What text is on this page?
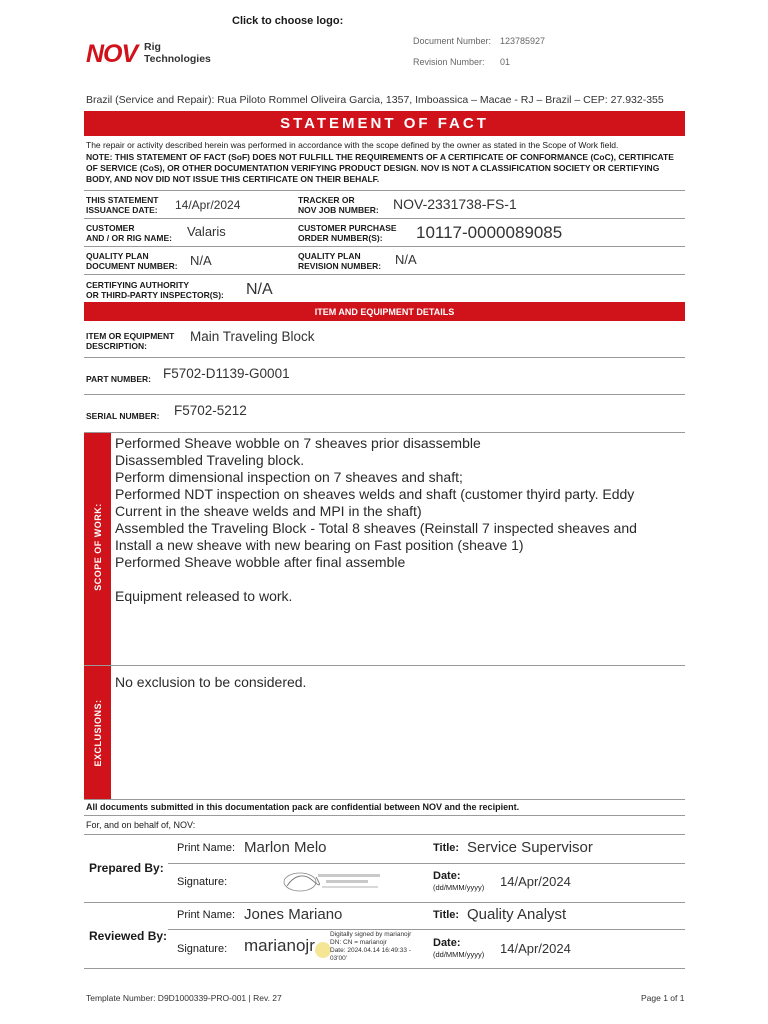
Click to choose logo:
NOV Rig
Technologies
Document Number: 123785927
Revision Number: 01
Brazil (Service and Repair): Rua Piloto Rommel Oliveira Garcia, 1357, Imboassica – Macae - RJ – Brazil – CEP: 27.932-355
STATEMENT OF FACT
The repair or activity described herein was performed in accordance with the scope defined by the owner as stated in the Scope of Work field.
NOTE: THIS STATEMENT OF FACT (SoF) DOES NOT FULFILL THE REQUIREMENTS OF A CERTIFICATE OF CONFORMANCE (CoC), CERTIFICATE OF SERVICE (CoS), OR OTHER DOCUMENTATION VERIFYING PRODUCT DESIGN. NOV IS NOT A CLASSIFICATION SOCIETY OR CERTIFYING BODY, AND NOV DID NOT ISSUE THIS CERTIFICATE ON THEIR BEHALF.
THIS STATEMENT
ISSUANCE DATE: 14/Apr/2024	TRACKER OR
NOV JOB NUMBER: NOV-2331738-FS-1
CUSTOMER
AND / OR RIG NAME: Valaris	CUSTOMER PURCHASE
ORDER NUMBER(S):	10117-0000089085
QUALITY PLAN
DOCUMENT NUMBER: N/A	QUALITY PLAN
REVISION NUMBER: N/A
CERTIFYING AUTHORITY
OR THIRD-PARTY INSPECTOR(S): N/A
ITEM AND EQUIPMENT DETAILS
ITEM OR EQUIPMENT
DESCRIPTION:
Main Traveling Block
PART NUMBER: F5702-D1139-G0001
SERIAL NUMBER: F5702-5212
SCOPE OF WORK:
Performed Sheave wobble on 7 sheaves prior disassemble
Disassembled Traveling block.
Perform dimensional inspection on 7 sheaves and shaft;
Performed NDT inspection on sheaves welds and shaft (customer thyird party. Eddy
Current in the sheave welds and MPI in the shaft)
Assembled the Traveling Block - Total 8 sheaves (Reinstall 7 inspected sheaves and
Install a new sheave with new bearing on Fast position (sheave 1)
Performed Sheave wobble after final assemble
Equipment released to work.
EXCLUSIONS:
No exclusion to be considered.
All documents submitted in this documentation pack are confidential between NOV and the recipient.
For, and on behalf of, NOV:
Prepared By:
Print Name: Marlon Melo	Title: Service Supervisor
Signature:	Date:
(dd/MMM/yyyy) 14/Apr/2024
Reviewed By:
Print Name: Jones Mariano	Title: Quality Analyst
Signature: marianojr
Digitally signed by marianojr
DN: CN = marianojr
Date: 2024.04.14 16:49:33 -
03'00'
Date:
(dd/MMM/yyyy) 14/Apr/2024
Template Number: D9D1000339-PRO-001 | Rev. 27	Page 1 of 1
